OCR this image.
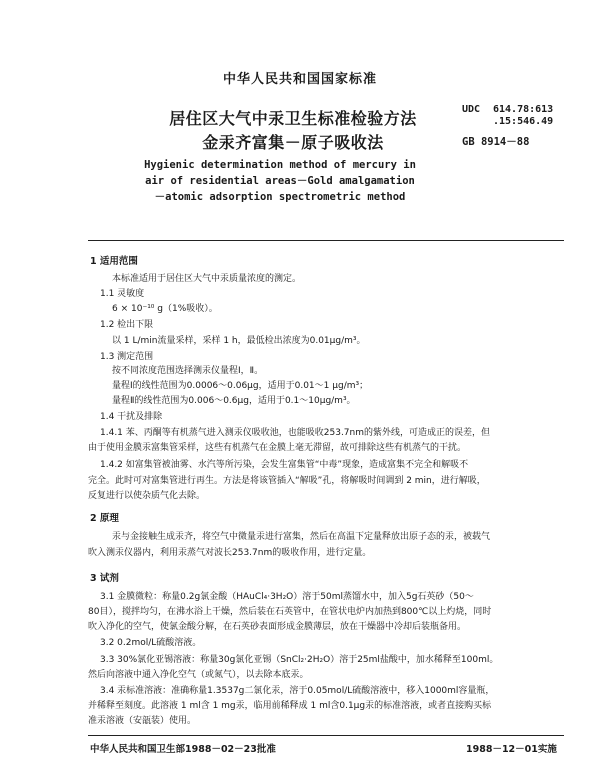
中华人民共和国国家标准
居住区大气中汞卫生标准检验方法
金汞齐富集－原子吸收法
UDC 614.78:613
.15:546.49
GB 8914－88
Hygienic determination method of mercury in
air of residential areas－Gold amalgamation
－atomic adsorption spectrometric method
1 适用范围
本标准适用于居住区大气中汞质量浓度的测定。
1.1 灵敏度
6 × 10⁻¹⁰ g（1%吸收）。
1.2 检出下限
以 1 L/min流量采样，采样 1 h，最低检出浓度为0.01μg/m³。
1.3 测定范围
按不同浓度范围选择测汞仪量程Ⅰ，Ⅱ。
量程Ⅰ的线性范围为0.0006～0.06μg，适用于0.01～1 μg/m³；
量程Ⅱ的线性范围为0.006～0.6μg，适用于0.1～10μg/m³。
1.4 干扰及排除
1.4.1 苯、丙酮等有机蒸气进入测汞仪吸收池，也能吸收253.7nm的紫外线，可造成正的误差，但
由于使用金膜汞富集管采样，这些有机蒸气在金膜上毫无滞留，故可排除这些有机蒸气的干扰。
1.4.2 如富集管被油雾、水汽等所污染，会发生富集管“中毒”现象，造成富集不完全和解吸不
完全。此时可对富集管进行再生。方法是将该管插入“解吸”孔，将解吸时间调到 2 min，进行解吸，
反复进行以使杂质气化去除。
2 原理
汞与金接触生成汞齐，将空气中微量汞进行富集，然后在高温下定量释放出原子态的汞，被载气
吹入测汞仪器内，利用汞蒸气对波长253.7nm的吸收作用，进行定量。
3 试剂
3.1 金膜微粒：称量0.2g氯金酸（HAuCl₄·3H₂O）溶于50ml蒸馏水中，加入5g石英砂（50～
80目），搅拌均匀，在沸水浴上干燥，然后装在石英管中，在管状电炉内加热到800℃以上灼烧，同时
吹入净化的空气，使氯金酸分解，在石英砂表面形成金膜薄层，放在干燥器中冷却后装瓶备用。
3.2 0.2mol/L硫酸溶液。
3.3 30%氯化亚锡溶液：称量30g氯化亚锡（SnCl₂·2H₂O）溶于25ml盐酸中，加水稀释至100ml。
然后向溶液中通入净化空气（或氮气），以去除本底汞。
3.4 汞标准溶液：准确称量1.3537g二氯化汞，溶于0.05mol/L硫酸溶液中，移入1000ml容量瓶，
并稀释至刻度。此溶液 1 ml含 1 mg汞，临用前稀释成 1 ml含0.1μg汞的标准溶液，或者直接购买标
准汞溶液（安瓿装）使用。
中华人民共和国卫生部1988－02－23批准	1988－12－01实施
